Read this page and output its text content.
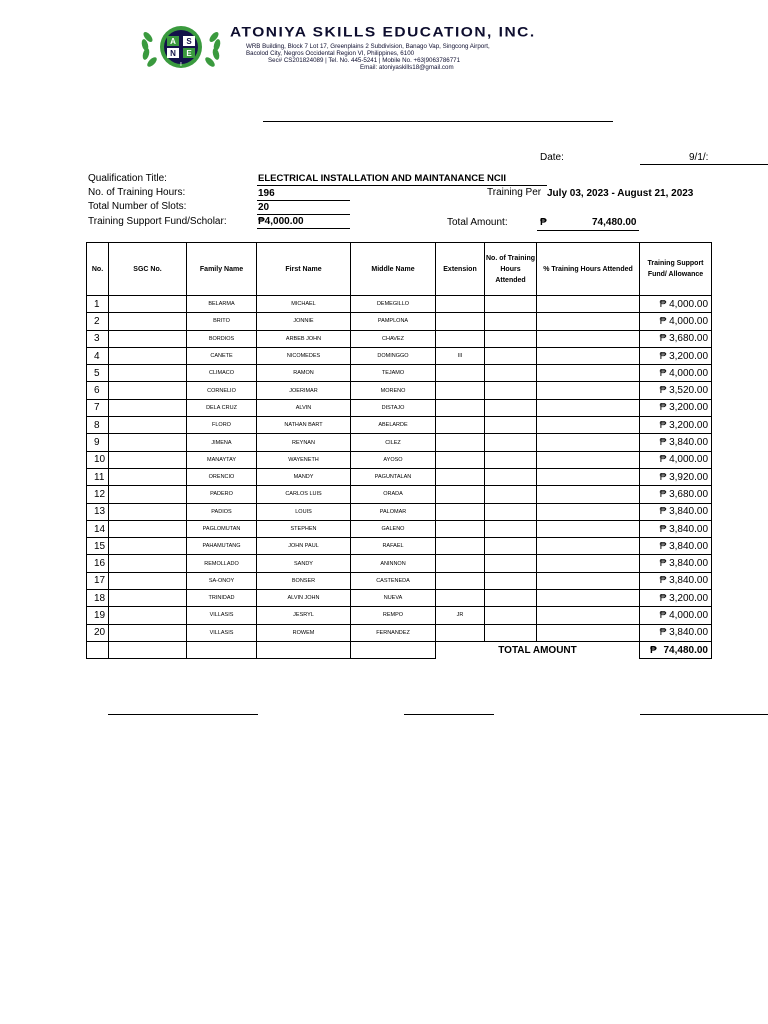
A S
N E
I
ATONIYA SKILLS EDUCATION, INC.
WRB Building, Block 7 Lot 17, Greenplains 2 Subdivision, Banago Vap, Singcong Airport,
Bacolod City, Negros Occidental Region VI, Philippines, 6100
Sec# CS201824089 | Tel. No. 445-5241 | Mobile No. +63|9063786771
Email: atoniyaskills18@gmail.com
Date:	9/1/:
Qualification Title:	ELECTRICAL INSTALLATION AND MAINTANANCE NCII
No. of Training Hours:	196	Training Per July 03, 2023 - August 21, 2023
Total Number of Slots:	20
Training Support Fund/Scholar:	₱4,000.00	Total Amount:	₱	74,480.00
No.	SGC No.	Family Name	First Name	Middle Name	Extension	No. of Training Hours Attended	% Training Hours Attended	Training Support Fund/ Allowance
1		BELARMA	MICHAEL	DEMEGILLO				₱ 4,000.00
2		BRITO	JONNIE	PAMPLONA				₱ 4,000.00
3		BORDIOS	ARBEB JOHN	CHAVEZ				₱ 3,680.00
4		CANETE	NICOMEDES	DOMINGGO	III			₱ 3,200.00
5		CLIMACO	RAMON	TEJAMO				₱ 4,000.00
6		CORNELIO	JOERIMAR	MORENO				₱ 3,520.00
7		DELA CRUZ	ALVIN	DISTAJO				₱ 3,200.00
8		FLORO	NATHAN BART	ABELARDE				₱ 3,200.00
9		JIMENA	REYNAN	CILEZ				₱ 3,840.00
10		MANAYTAY	WAYENETH	AYOSO				₱ 4,000.00
11		ORENCIO	MANDY	PAGUNTALAN				₱ 3,920.00
12		PADERO	CARLOS LUIS	ORADA				₱ 3,680.00
13		PADIOS	LOUIS	PALOMAR				₱ 3,840.00
14		PAGLOMUTAN	STEPHEN	GALENO				₱ 3,840.00
15		PAHAMUTANG	JOHN PAUL	RAFAEL				₱ 3,840.00
16		REMOLLADO	SANDY	ANINNON				₱ 3,840.00
17		SA-ONOY	BONSER	CASTENEDA				₱ 3,840.00
18		TRINIDAD	ALVIN JOHN	NUEVA				₱ 3,200.00
19		VILLASIS	JESRYL	REMPO	JR			₱ 4,000.00
20		VILLASIS	ROWEM	FERNANDEZ				₱ 3,840.00
					TOTAL AMOUNT			₱ 74,480.00
